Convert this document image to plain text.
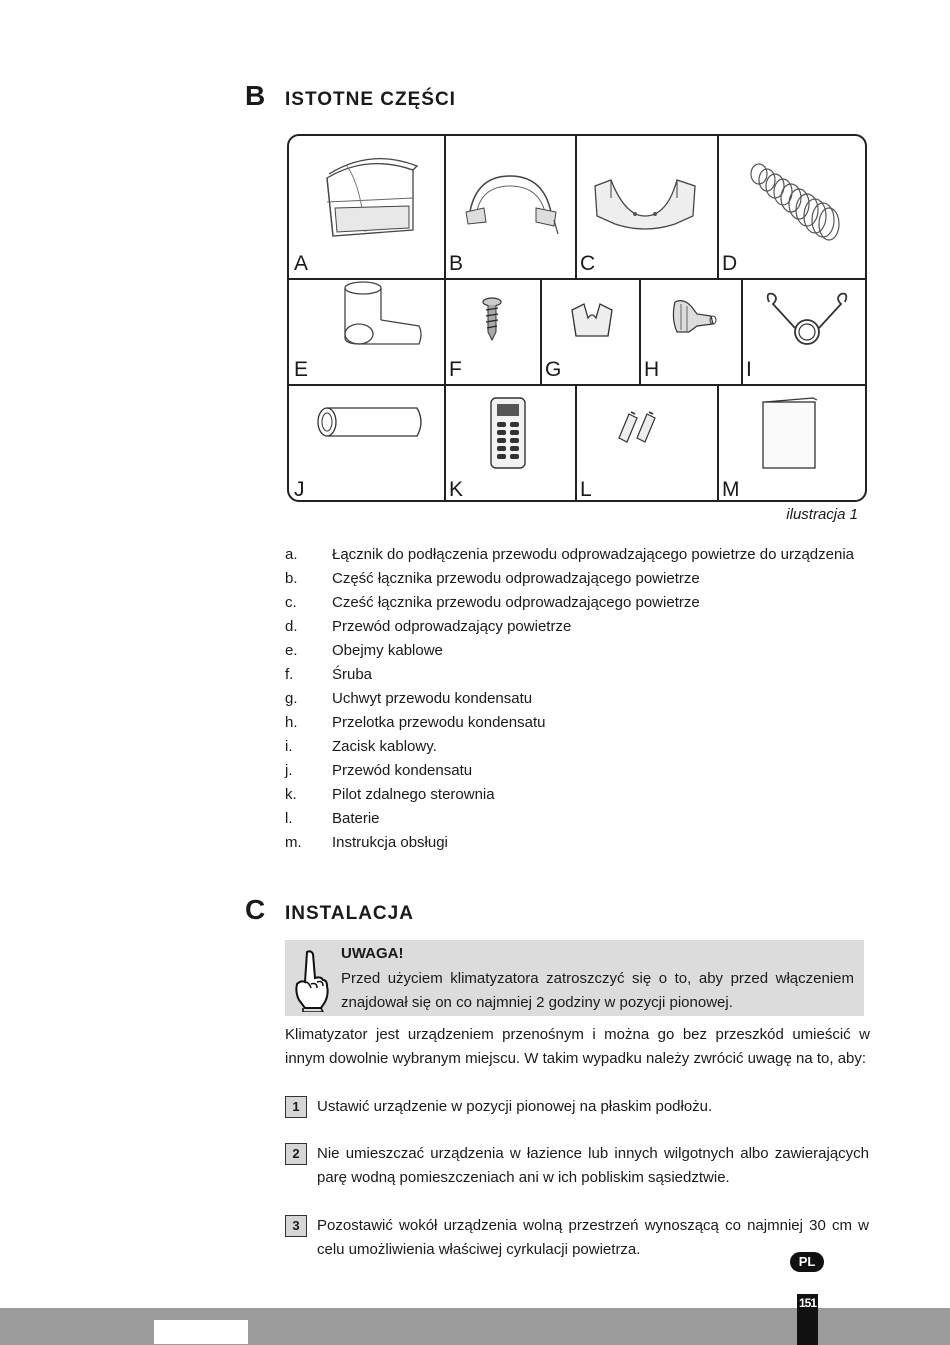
B ISTOTNE CZĘŚCI
A	B	C	D
E	F	G	H	I
J	K	L	M
ilustracja 1
a. Łącznik do podłączenia przewodu odprowadzającego powietrze do urządzenia
b. Część łącznika przewodu odprowadzającego powietrze
c. Cześć łącznika przewodu odprowadzającego powietrze
d. Przewód odprowadzający powietrze
e. Obejmy kablowe
f.	Śruba
g. Uchwyt przewodu kondensatu
h. Przelotka przewodu kondensatu
i.	Zacisk kablowy.
j.	Przewód kondensatu
k. Pilot zdalnego sterownia
l.	Baterie
m. Instrukcja obsługi
C INSTALACJA
UWAGA!
Przed użyciem klimatyzatora zatroszczyć się o to, aby przed włączeniem znajdował się on co najmniej 2 godziny w pozycji pionowej.
Klimatyzator jest urządzeniem przenośnym i można go bez przeszkód umieścić w innym dowolnie wybranym miejscu. W takim wypadku należy zwrócić uwagę na to, aby:
1	Ustawić urządzenie w pozycji pionowej na płaskim podłożu.
2	Nie umieszczać urządzenia w łazience lub innych wilgotnych albo zawierających parę wodną pomieszczeniach ani w ich pobliskim sąsiedztwie.
3	Pozostawić wokół urządzenia wolną przestrzeń wynoszącą co najmniej 30 cm w celu umożliwienia właściwej cyrkulacji powietrza.
PL
151
